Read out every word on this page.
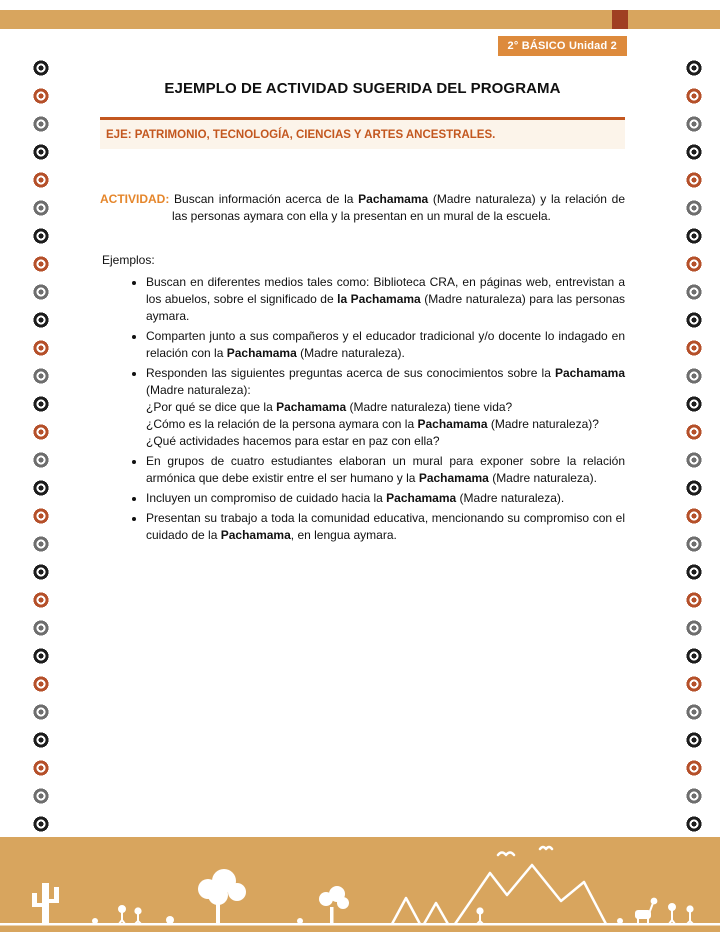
2° BÁSICO Unidad 2
EJEMPLO DE ACTIVIDAD SUGERIDA DEL PROGRAMA
EJE: PATRIMONIO, TECNOLOGÍA, CIENCIAS Y ARTES ANCESTRALES.

ACTIVIDAD: Buscan información acerca de la Pachamama (Madre naturaleza) y la relación de las personas aymara con ella y la presentan en un mural de la escuela.

Ejemplos:

• Buscan en diferentes medios tales como: Biblioteca CRA, en páginas web, entrevistan a los abuelos, sobre el significado de la Pachamama (Madre naturaleza) para las personas aymara.
• Comparten junto a sus compañeros y el educador tradicional y/o docente lo indagado en relación con la Pachamama (Madre naturaleza).
• Responden las siguientes preguntas acerca de sus conocimientos sobre la Pachamama (Madre naturaleza):
¿Por qué se dice que la Pachamama (Madre naturaleza) tiene vida?
¿Cómo es la relación de la persona aymara con la Pachamama (Madre naturaleza)?
¿Qué actividades hacemos para estar en paz con ella?
• En grupos de cuatro estudiantes elaboran un mural para exponer sobre la relación armónica que debe existir entre el ser humano y la Pachamama (Madre naturaleza).
• Incluyen un compromiso de cuidado hacia la Pachamama (Madre naturaleza).
• Presentan su trabajo a toda la comunidad educativa, mencionando su compromiso con el cuidado de la Pachamama, en lengua aymara.
